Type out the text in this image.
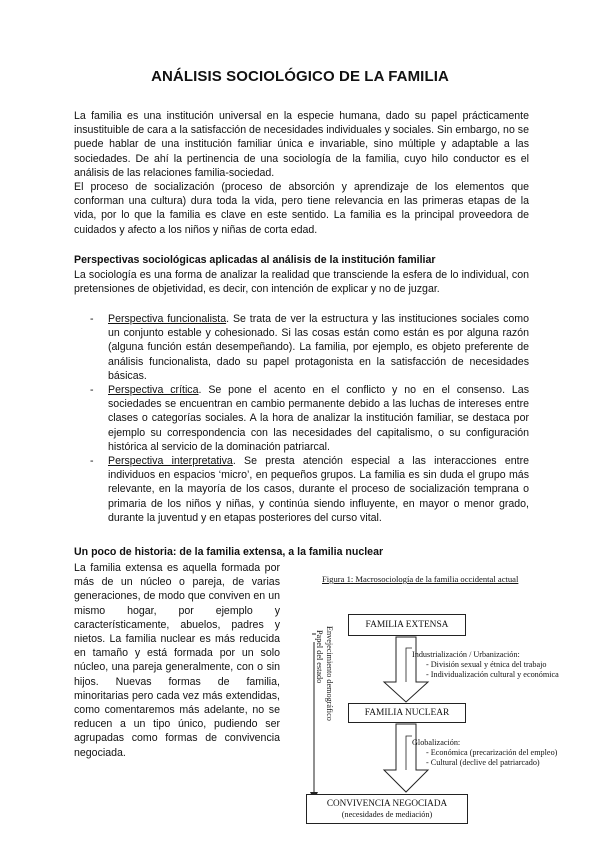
ANÁLISIS SOCIOLÓGICO DE LA FAMILIA

La familia es una institución universal en la especie humana, dado su papel prácticamente insustituible de cara a la satisfacción de necesidades individuales y sociales. Sin embargo, no se puede hablar de una institución familiar única e invariable, sino múltiple y adaptable a las sociedades. De ahí la pertinencia de una sociología de la familia, cuyo hilo conductor es el análisis de las relaciones familia-sociedad.

El proceso de socialización (proceso de absorción y aprendizaje de los elementos que conforman una cultura) dura toda la vida, pero tiene relevancia en las primeras etapas de la vida, por lo que la familia es clave en este sentido. La familia es la principal proveedora de cuidados y afecto a los niños y niñas de corta edad.

Perspectivas sociológicas aplicadas al análisis de la institución familiar

La sociología es una forma de analizar la realidad que transciende la esfera de lo individual, con pretensiones de objetividad, es decir, con intención de explicar y no de juzgar.

- Perspectiva funcionalista. Se trata de ver la estructura y las instituciones sociales como un conjunto estable y cohesionado. Si las cosas están como están es por alguna razón (alguna función están desempeñando). La familia, por ejemplo, es objeto preferente de análisis funcionalista, dado su papel protagonista en la satisfacción de necesidades básicas.
- Perspectiva crítica. Se pone el acento en el conflicto y no en el consenso. Las sociedades se encuentran en cambio permanente debido a las luchas de intereses entre clases o categorías sociales. A la hora de analizar la institución familiar, se destaca por ejemplo su correspondencia con las necesidades del capitalismo, o su configuración histórica al servicio de la dominación patriarcal.
- Perspectiva interpretativa. Se presta atención especial a las interacciones entre individuos en espacios ‘micro’, en pequeños grupos. La familia es sin duda el grupo más relevante, en la mayoría de los casos, durante el proceso de socialización temprana o primaria de los niños y niñas, y continúa siendo influyente, en mayor o menor grado, durante la juventud y en etapas posteriores del curso vital.

Un poco de historia: de la familia extensa, a la familia nuclear

La familia extensa es aquella formada por más de un núcleo o pareja, de varias generaciones, de modo que conviven en un mismo hogar, por ejemplo y característicamente, abuelos, padres y nietos. La familia nuclear es más reducida en tamaño y está formada por un solo núcleo, una pareja generalmente, con o sin hijos. Nuevas formas de familia, minoritarias pero cada vez más extendidas, como comentaremos más adelante, no se reducen a un tipo único, pudiendo ser agrupadas como formas de convivencia negociada.

Figura 1: Macrosociología de la familia occidental actual

FAMILIA EXTENSA
FAMILIA NUCLEAR
CONVIVENCIA NEGOCIADA
(necesidades de mediación)

Industrialización / Urbanización:

- División sexual y étnica del trabajo
- Individualización cultural y económica

Globalización:

- Económica (precarización del empleo)
- Cultural (declive del patriarcado)
Envejecimiento demográfico
Papel del estado
